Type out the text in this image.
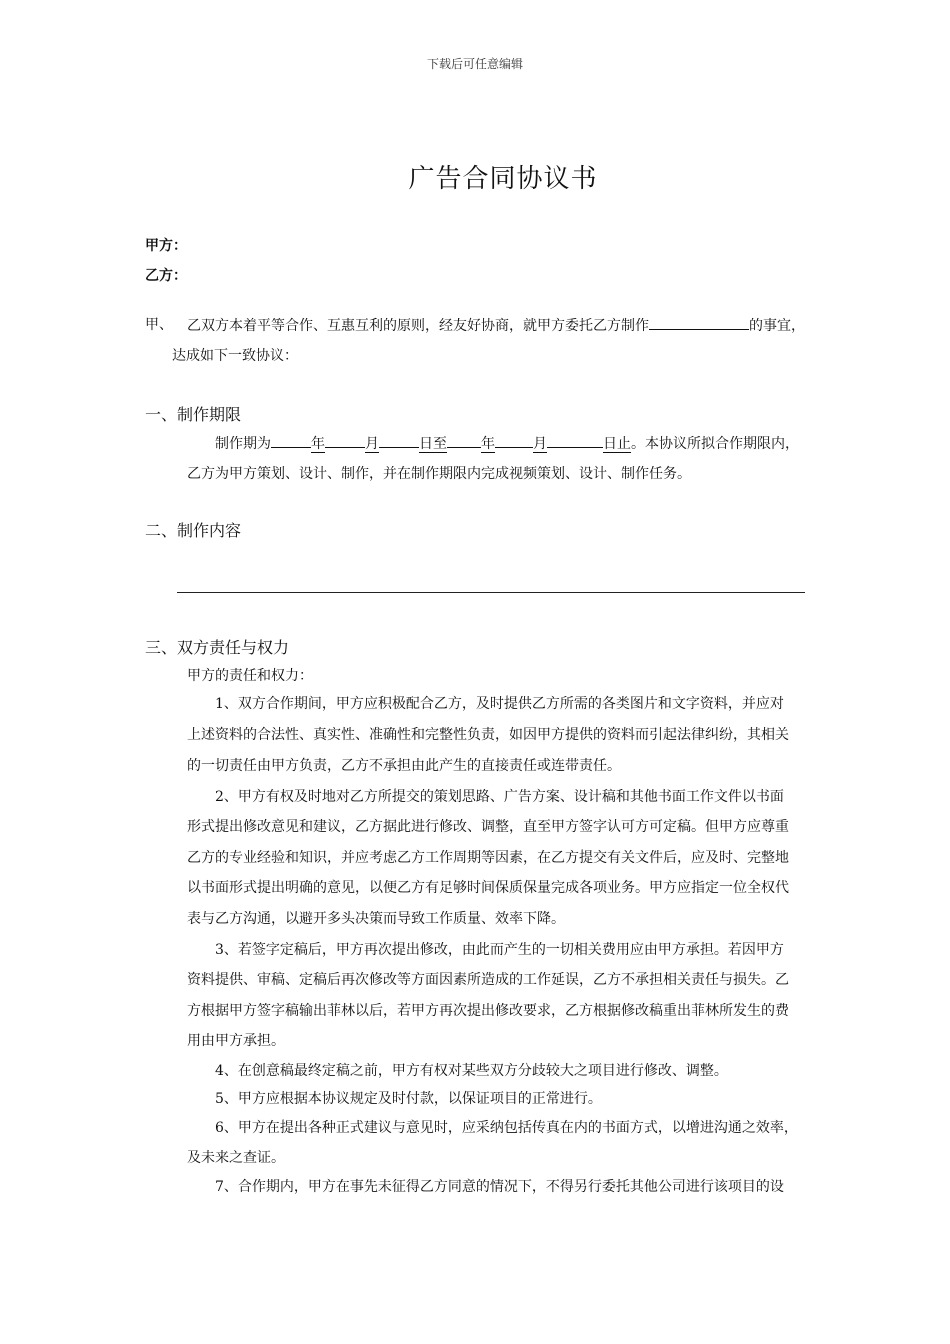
下载后可任意编辑
广告合同协议书
甲方：
乙方：
甲、 乙双方本着平等合作、互惠互利的原则，经友好协商，就甲方委托乙方制作	的事宜，
达成如下一致协议：
一、制作期限
制作期为	年	月	日至 年	月	日止。本协议所拟合作期限内，
乙方为甲方策划、设计、制作，并在制作期限内完成视频策划、设计、制作任务。
二、制作内容
三、双方责任与权力
甲方的责任和权力：
1、双方合作期间，甲方应积极配合乙方，及时提供乙方所需的各类图片和文字资料，并应对
上述资料的合法性、真实性、准确性和完整性负责，如因甲方提供的资料而引起法律纠纷，其相关
的一切责任由甲方负责，乙方不承担由此产生的直接责任或连带责任。
2、甲方有权及时地对乙方所提交的策划思路、广告方案、设计稿和其他书面工作文件以书面
形式提出修改意见和建议，乙方据此进行修改、调整，直至甲方签字认可方可定稿。但甲方应尊重
乙方的专业经验和知识，并应考虑乙方工作周期等因素，在乙方提交有关文件后，应及时、完整地
以书面形式提出明确的意见，以便乙方有足够时间保质保量完成各项业务。甲方应指定一位全权代
表与乙方沟通，以避开多头决策而导致工作质量、效率下降。
3、若签字定稿后，甲方再次提出修改，由此而产生的一切相关费用应由甲方承担。若因甲方
资料提供、审稿、定稿后再次修改等方面因素所造成的工作延误，乙方不承担相关责任与损失。乙
方根据甲方签字稿输出菲林以后，若甲方再次提出修改要求，乙方根据修改稿重出菲林所发生的费
用由甲方承担。
4、在创意稿最终定稿之前，甲方有权对某些双方分歧较大之项目进行修改、调整。
5、甲方应根据本协议规定及时付款，以保证项目的正常进行。
6、甲方在提出各种正式建议与意见时，应采纳包括传真在内的书面方式，以增进沟通之效率，
及未来之查证。
7、合作期内，甲方在事先未征得乙方同意的情况下，不得另行委托其他公司进行该项目的设
